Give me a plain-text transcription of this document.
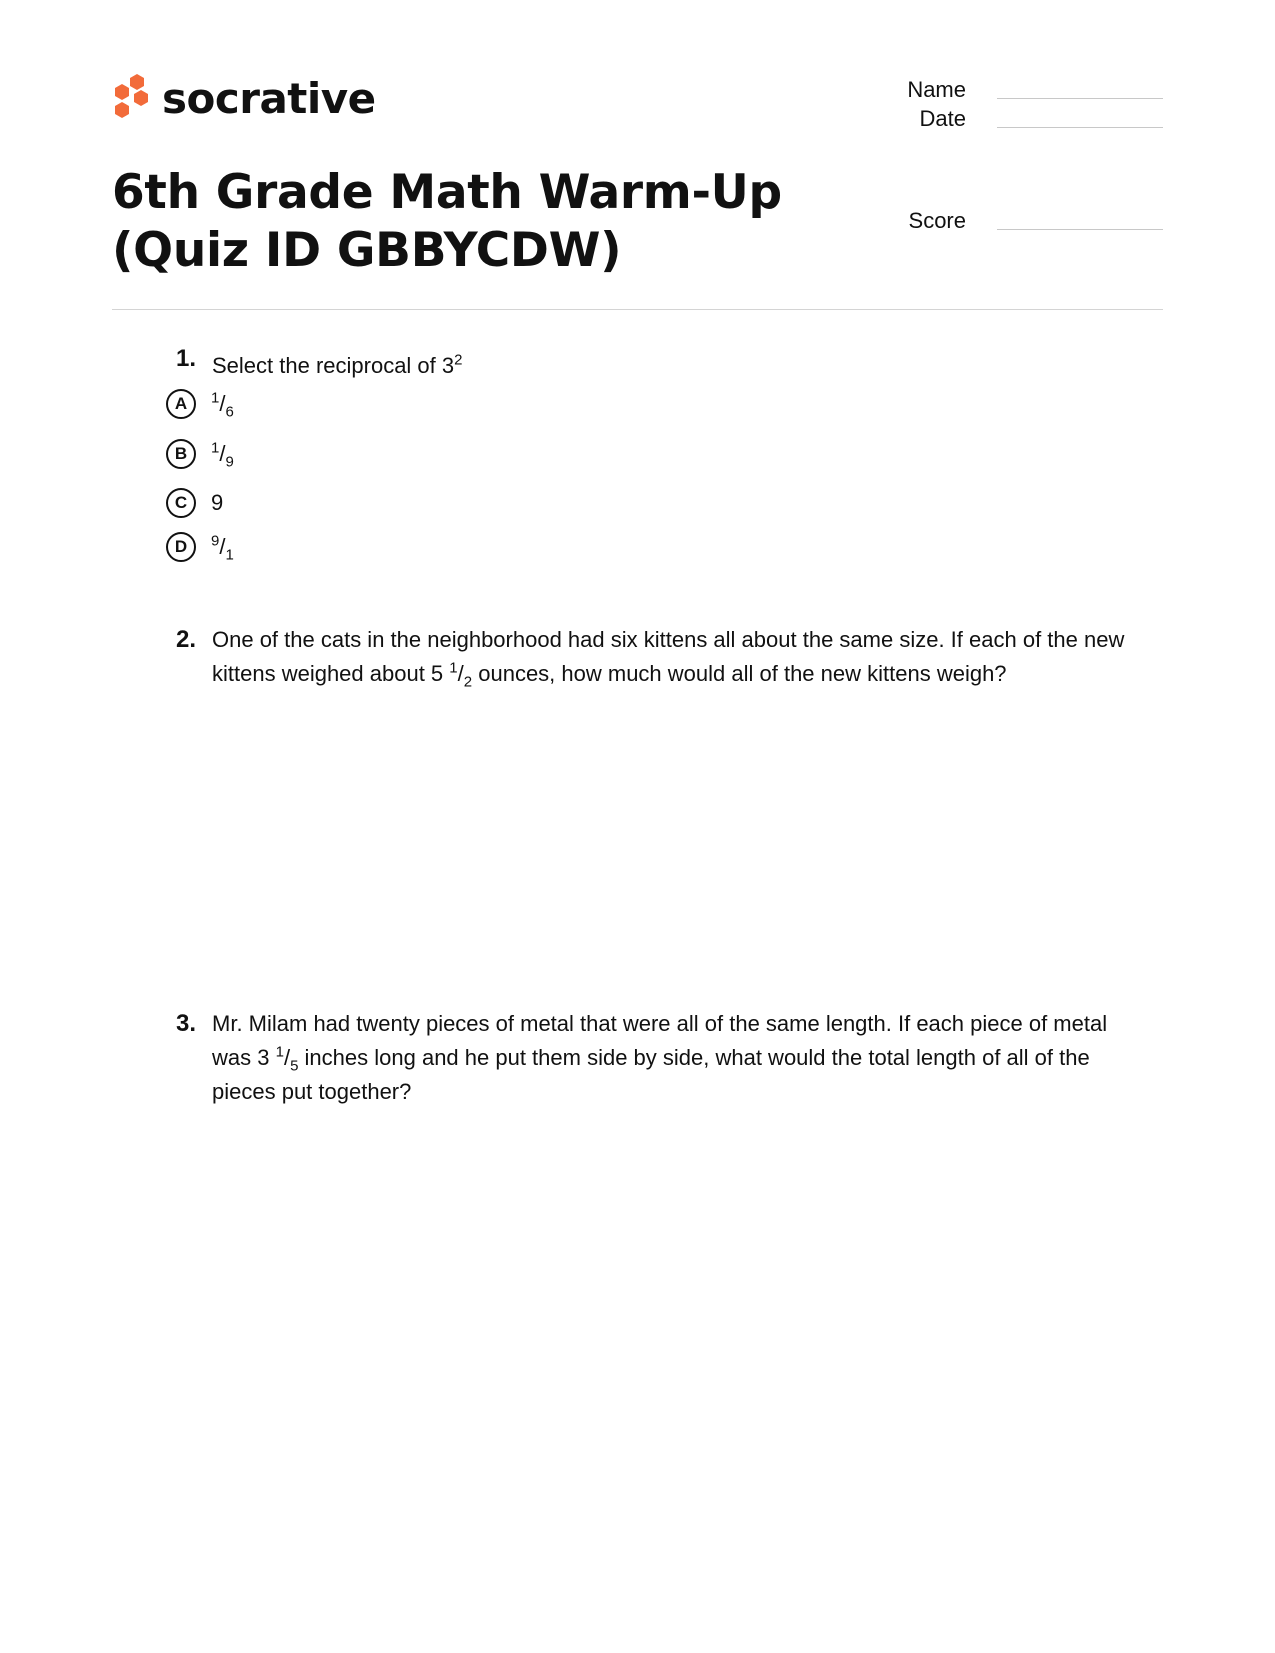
socrative	Name
Date
Score
6th Grade Math Warm-Up (Quiz ID GBBYCDW)
1. Select the reciprocal of $3^2$
A	$^1/_6$
B	$^1/_9$
C	9
D	$^9/_1$
2. One of the cats in the neighborhood had six kittens all about the same size. If each of the new
kittens weighed about 5 $^1/_2$ ounces, how much would all of the new kittens weigh?
3. Mr. Milam had twenty pieces of metal that were all of the same length. If each piece of metal
was 3 $^1/_5$ inches long and he put them side by side, what would the total length of all of the
pieces put together?
